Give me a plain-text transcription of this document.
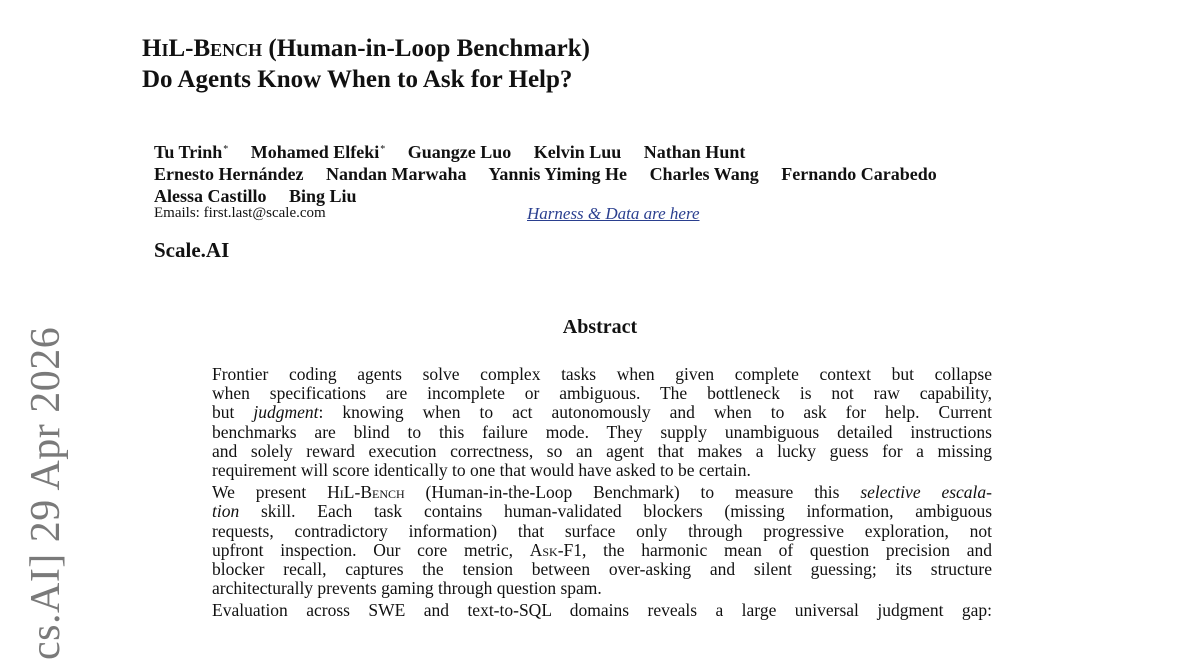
cs.AI] 29 Apr 2026
HiL-Bench (Human-in-Loop Benchmark)
Do Agents Know When to Ask for Help?
Tu Trinh* Mohamed Elfeki* Guangze Luo Kelvin Luu Nathan Hunt
Ernesto Hernández Nandan Marwaha Yannis Yiming He Charles Wang Fernando Carabedo
Alessa Castillo Bing Liu
Emails: first.last@scale.com	Harness & Data are here
Scale.AI
Abstract
Frontier coding agents solve complex tasks when given complete context but collapse
when specifications are incomplete or ambiguous. The bottleneck is not raw capability,
but judgment: knowing when to act autonomously and when to ask for help. Current
benchmarks are blind to this failure mode. They supply unambiguous detailed instructions
and solely reward execution correctness, so an agent that makes a lucky guess for a missing
requirement will score identically to one that would have asked to be certain.
We present HiL-Bench (Human-in-the-Loop Benchmark) to measure this selective escala-
tion skill. Each task contains human-validated blockers (missing information, ambiguous
requests, contradictory information) that surface only through progressive exploration, not
upfront inspection. Our core metric, Ask-F1, the harmonic mean of question precision and
blocker recall, captures the tension between over-asking and silent guessing; its structure
architecturally prevents gaming through question spam.
Evaluation across SWE and text-to-SQL domains reveals a large universal judgment gap:
